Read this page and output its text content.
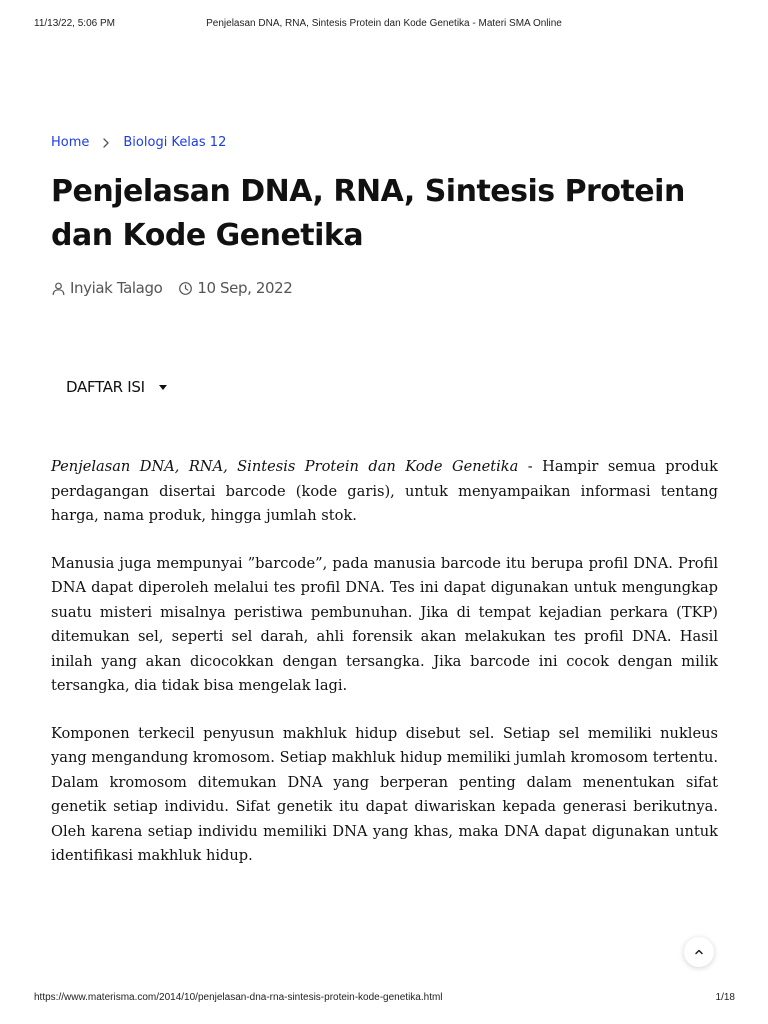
11/13/22, 5:06 PM	Penjelasan DNA, RNA, Sintesis Protein dan Kode Genetika - Materi SMA Online
Home	Biologi Kelas 12
Penjelasan DNA, RNA, Sintesis Protein dan Kode Genetika
Inyiak Talago 10 Sep, 2022
DAFTAR ISI

Penjelasan DNA, RNA, Sintesis Protein dan Kode Genetika - Hampir semua produk perdagangan disertai barcode (kode garis), untuk menyampaikan informasi tentang harga, nama produk, hingga jumlah stok.

Manusia juga mempunyai ”barcode”, pada manusia barcode itu berupa profil DNA. Profil DNA dapat diperoleh melalui tes profil DNA. Tes ini dapat digunakan untuk mengungkap suatu misteri misalnya peristiwa pembunuhan. Jika di tempat kejadian perkara (TKP) ditemukan sel, seperti sel darah, ahli forensik akan melakukan tes profil DNA. Hasil inilah yang akan dicocokkan dengan tersangka. Jika barcode ini cocok dengan milik tersangka, dia tidak bisa mengelak lagi.

Komponen terkecil penyusun makhluk hidup disebut sel. Setiap sel memiliki nukleus yang mengandung kromosom. Setiap makhluk hidup memiliki jumlah kromosom tertentu. Dalam kromosom ditemukan DNA yang berperan penting dalam menentukan sifat genetik setiap individu. Sifat genetik itu dapat diwariskan kepada generasi berikutnya. Oleh karena setiap individu memiliki DNA yang khas, maka DNA dapat digunakan untuk identifikasi makhluk hidup.

https://www.materisma.com/2014/10/penjelasan-dna-rna-sintesis-protein-kode-genetika.html	1/18
